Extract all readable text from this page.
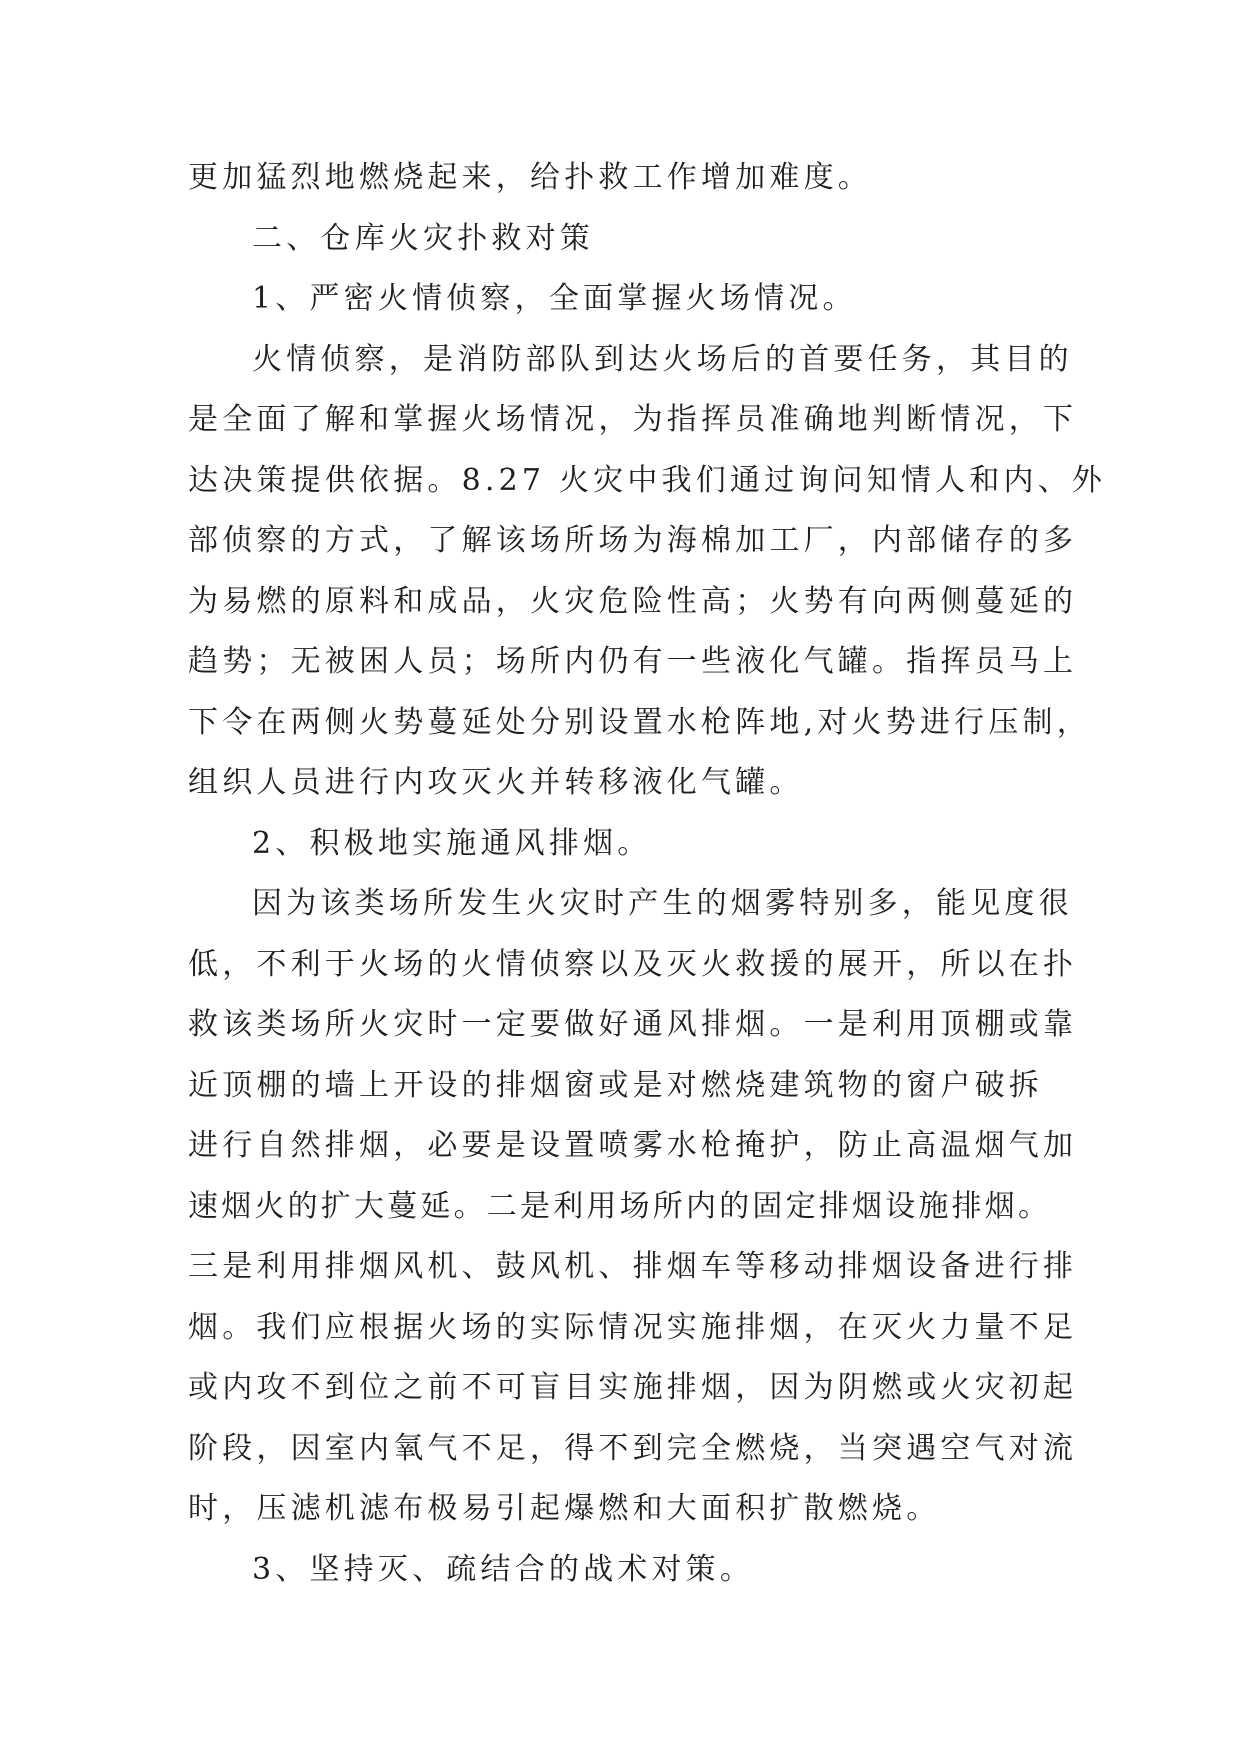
更加猛烈地燃烧起来，给扑救工作增加难度。
二、仓库火灾扑救对策
1、严密火情侦察，全面掌握火场情况。
火情侦察，是消防部队到达火场后的首要任务，其目的
是全面了解和掌握火场情况，为指挥员准确地判断情况，下
达决策提供依据。8.27 火灾中我们通过询问知情人和内、外
部侦察的方式，了解该场所场为海棉加工厂，内部储存的多
为易燃的原料和成品，火灾危险性高；火势有向两侧蔓延的
趋势；无被困人员；场所内仍有一些液化气罐。指挥员马上
下令在两侧火势蔓延处分别设置水枪阵地,对火势进行压制，
组织人员进行内攻灭火并转移液化气罐。
2、积极地实施通风排烟。
因为该类场所发生火灾时产生的烟雾特别多，能见度很
低，不利于火场的火情侦察以及灭火救援的展开，所以在扑
救该类场所火灾时一定要做好通风排烟。一是利用顶棚或靠
近顶棚的墙上开设的排烟窗或是对燃烧建筑物的窗户破拆
进行自然排烟，必要是设置喷雾水枪掩护，防止高温烟气加
速烟火的扩大蔓延。二是利用场所内的固定排烟设施排烟。
三是利用排烟风机、鼓风机、排烟车等移动排烟设备进行排
烟。我们应根据火场的实际情况实施排烟，在灭火力量不足
或内攻不到位之前不可盲目实施排烟，因为阴燃或火灾初起
阶段，因室内氧气不足，得不到完全燃烧，当突遇空气对流
时，压滤机滤布极易引起爆燃和大面积扩散燃烧。
3、坚持灭、疏结合的战术对策。
